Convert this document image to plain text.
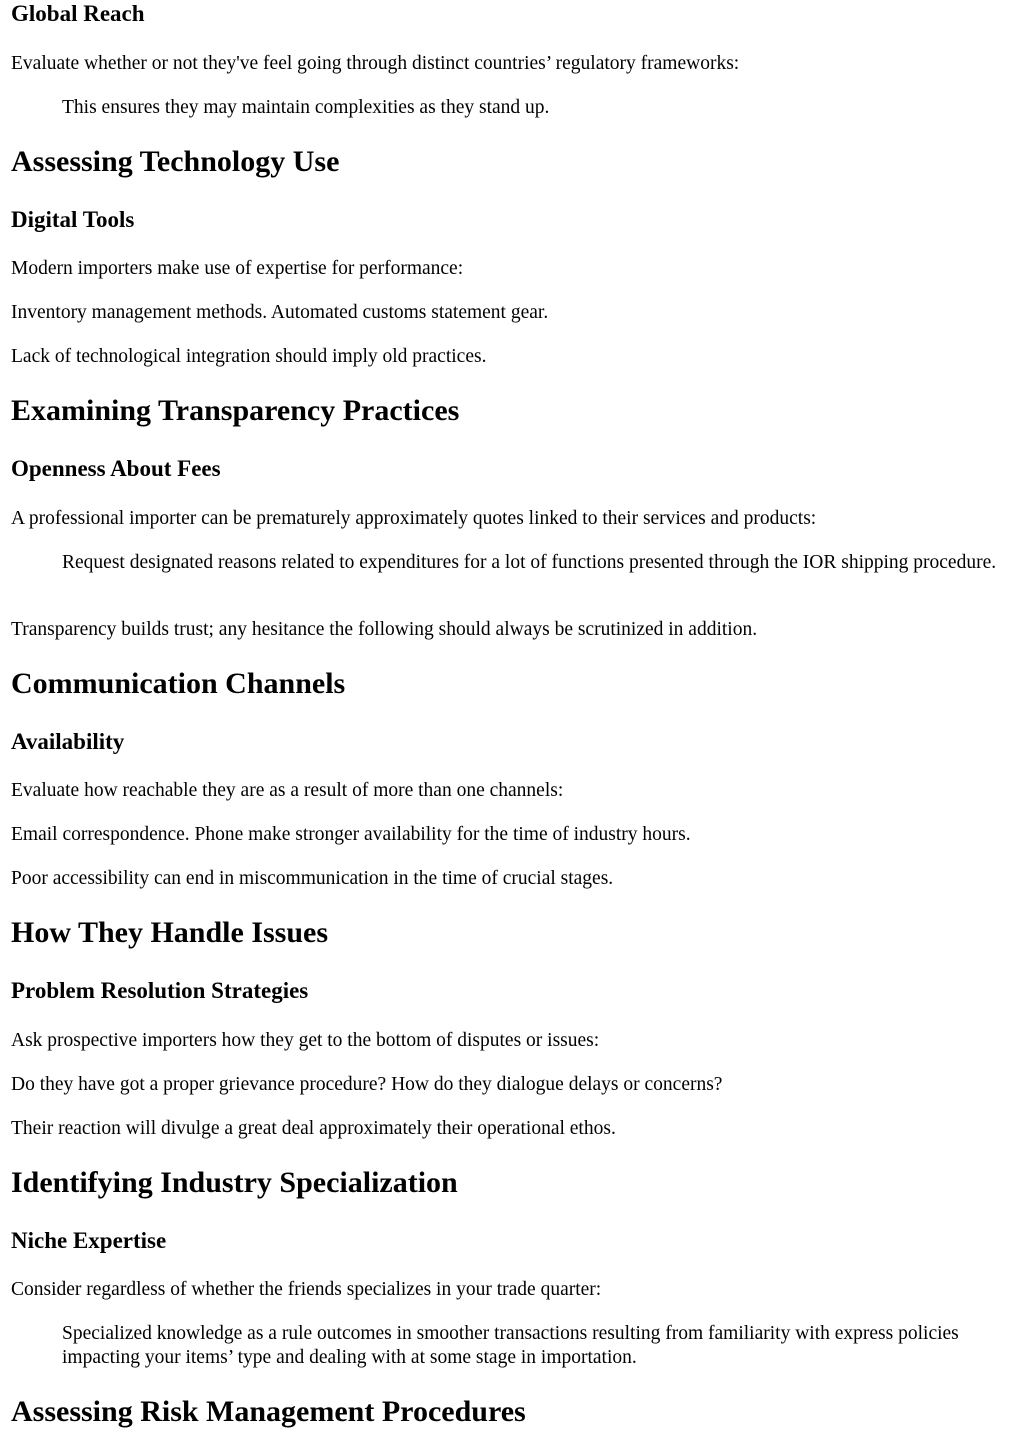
Global Reach

Evaluate whether or not they've feel going through distinct countries’ regulatory frameworks:

This ensures they may maintain complexities as they stand up.
Assessing Technology Use
Digital Tools

Modern importers make use of expertise for performance:

Inventory management methods. Automated customs statement gear.

Lack of technological integration should imply old practices.

Examining Transparency Practices
Openness About Fees

A professional importer can be prematurely approximately quotes linked to their services and products:

Request designated reasons related to expenditures for a lot of functions presented through the IOR shipping procedure.

Transparency builds trust; any hesitance the following should always be scrutinized in addition.

Communication Channels
Availability

Evaluate how reachable they are as a result of more than one channels:

Email correspondence. Phone make stronger availability for the time of industry hours.

Poor accessibility can end in miscommunication in the time of crucial stages.

How They Handle Issues
Problem Resolution Strategies

Ask prospective importers how they get to the bottom of disputes or issues:

Do they have got a proper grievance procedure? How do they dialogue delays or concerns?

Their reaction will divulge a great deal approximately their operational ethos.

Identifying Industry Specialization
Niche Expertise

Consider regardless of whether the friends specializes in your trade quarter:

Specialized knowledge as a rule outcomes in smoother transactions resulting from familiarity with express policies impacting your items’ type and dealing with at some stage in importation.
Assessing Risk Management Procedures
